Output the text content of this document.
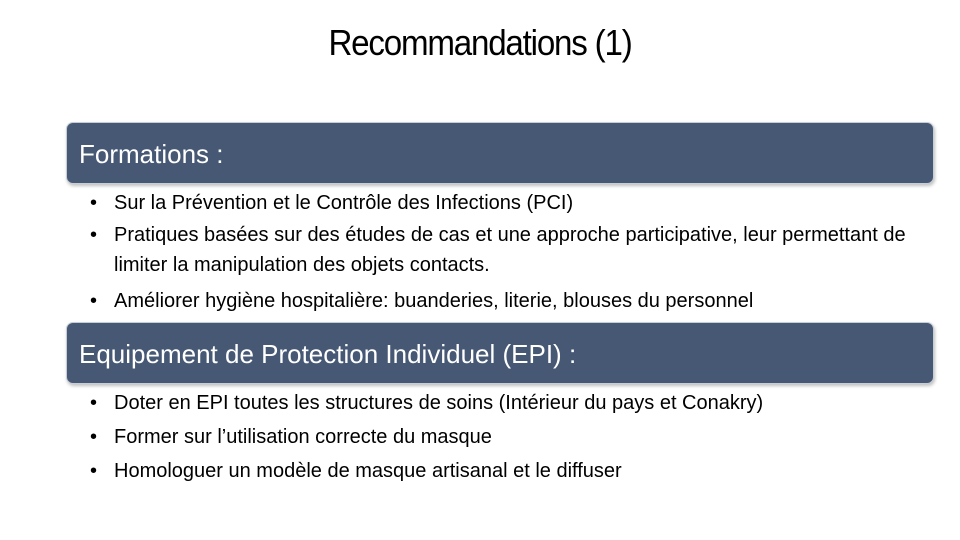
Recommandations (1)
Formations :
• Sur la Prévention et le Contrôle des Infections (PCI)
• Pratiques basées sur des études de cas et une approche participative, leur permettant de limiter la manipulation des objets contacts.
• Améliorer hygiène hospitalière: buanderies, literie, blouses du personnel
Equipement de Protection Individuel (EPI) :
• Doter en EPI toutes les structures de soins (Intérieur du pays et Conakry)
• Former sur l’utilisation correcte du masque
• Homologuer un modèle de masque artisanal et le diffuser
